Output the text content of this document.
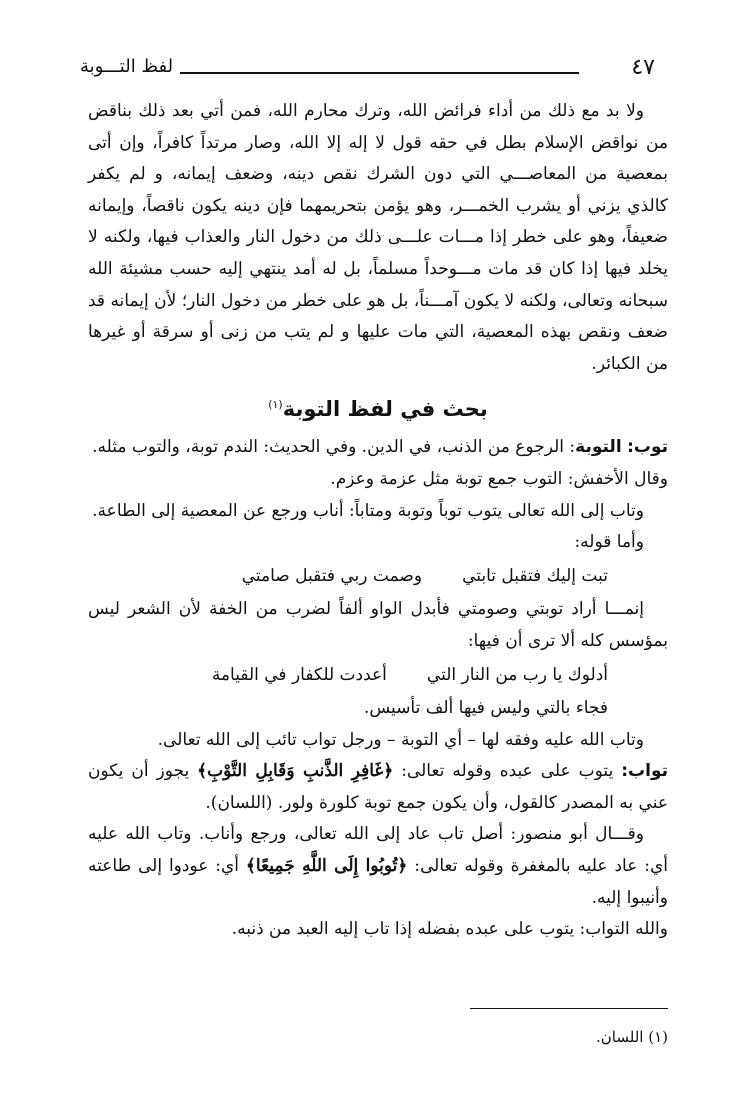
٤٧
لفظ التـــوبة

ولا بد مع ذلك من أداء فرائض الله، وترك محارم الله، فمن أتي بعد ذلك بناقض من نواقض الإسلام بطل في حقه قول لا إله إلا الله، وصار مرتداً كافراً، وإن أتى بمعصية من المعاصـــي التي دون الشرك نقص دينه، وضعف إيمانه، و لم يكفر كالذي يزني أو يشرب الخمـــر، وهو يؤمن بتحريمهما فإن دينه يكون ناقصاً، وإيمانه ضعيفاً، وهو على خطر إذا مـــات علـــى ذلك من دخول النار والعذاب فيها، ولكنه لا يخلد فيها إذا كان قد مات مـــوحداً مسلماً، بل له أمد ينتهي إليه حسب مشيئة الله سبحانه وتعالى، ولكنه لا يكون آمـــناً، بل هو على خطر من دخول النار؛ لأن إيمانه قد ضعف ونقص بهذه المعصية، التي مات عليها و لم يتب من زنى أو سرقة أو غيرها من الكبائر.

بحث في لفظ التوبة$^{(١)}$

توب: التوبة: الرجوع من الذنب، في الدين. وفي الحديث: الندم توبة، والتوب مثله.

وقال الأخفش: التوب جمع توبة مثل عزمة وعزم.

وتاب إلى الله تعالى يتوب توباً وتوبة ومتاباً: أناب ورجع عن المعصية إلى الطاعة.

وأما قوله:

تبت إليك فتقبل تابتي
وصمت ربي فتقبل صامتي

إنمـــا أراد توبتي وصومتي فأبدل الواو ألفاً لضرب من الخفة لأن الشعر ليس بمؤسس كله ألا ترى أن فيها:

أدلوك يا رب من النار التي
أعددت للكفار في القيامة

فجاء بالتي وليس فيها ألف تأسيس.

وتاب الله عليه وفقه لها – أي التوبة – ورجل تواب تائب إلى الله تعالى.

تواب: يتوب على عبده وقوله تعالى: ﴿غَافِرِ الذَّنبِ وَقَابِلِ التَّوْبِ﴾ يجوز أن يكون عني به المصدر كالقول، وأن يكون جمع توبة كلورة ولور. (اللسان).

وقـــال أبو منصور: أصل تاب عاد إلى الله تعالى، ورجع وأناب. وتاب الله عليه أي: عاد عليه بالمغفرة وقوله تعالى: ﴿تُوبُوا إِلَى اللَّهِ جَمِيعًا﴾ أي: عودوا إلى طاعته وأنيبوا إليه.

والله التواب: يتوب على عبده بفضله إذا تاب إليه العبد من ذنبه.

(١) اللسان.
